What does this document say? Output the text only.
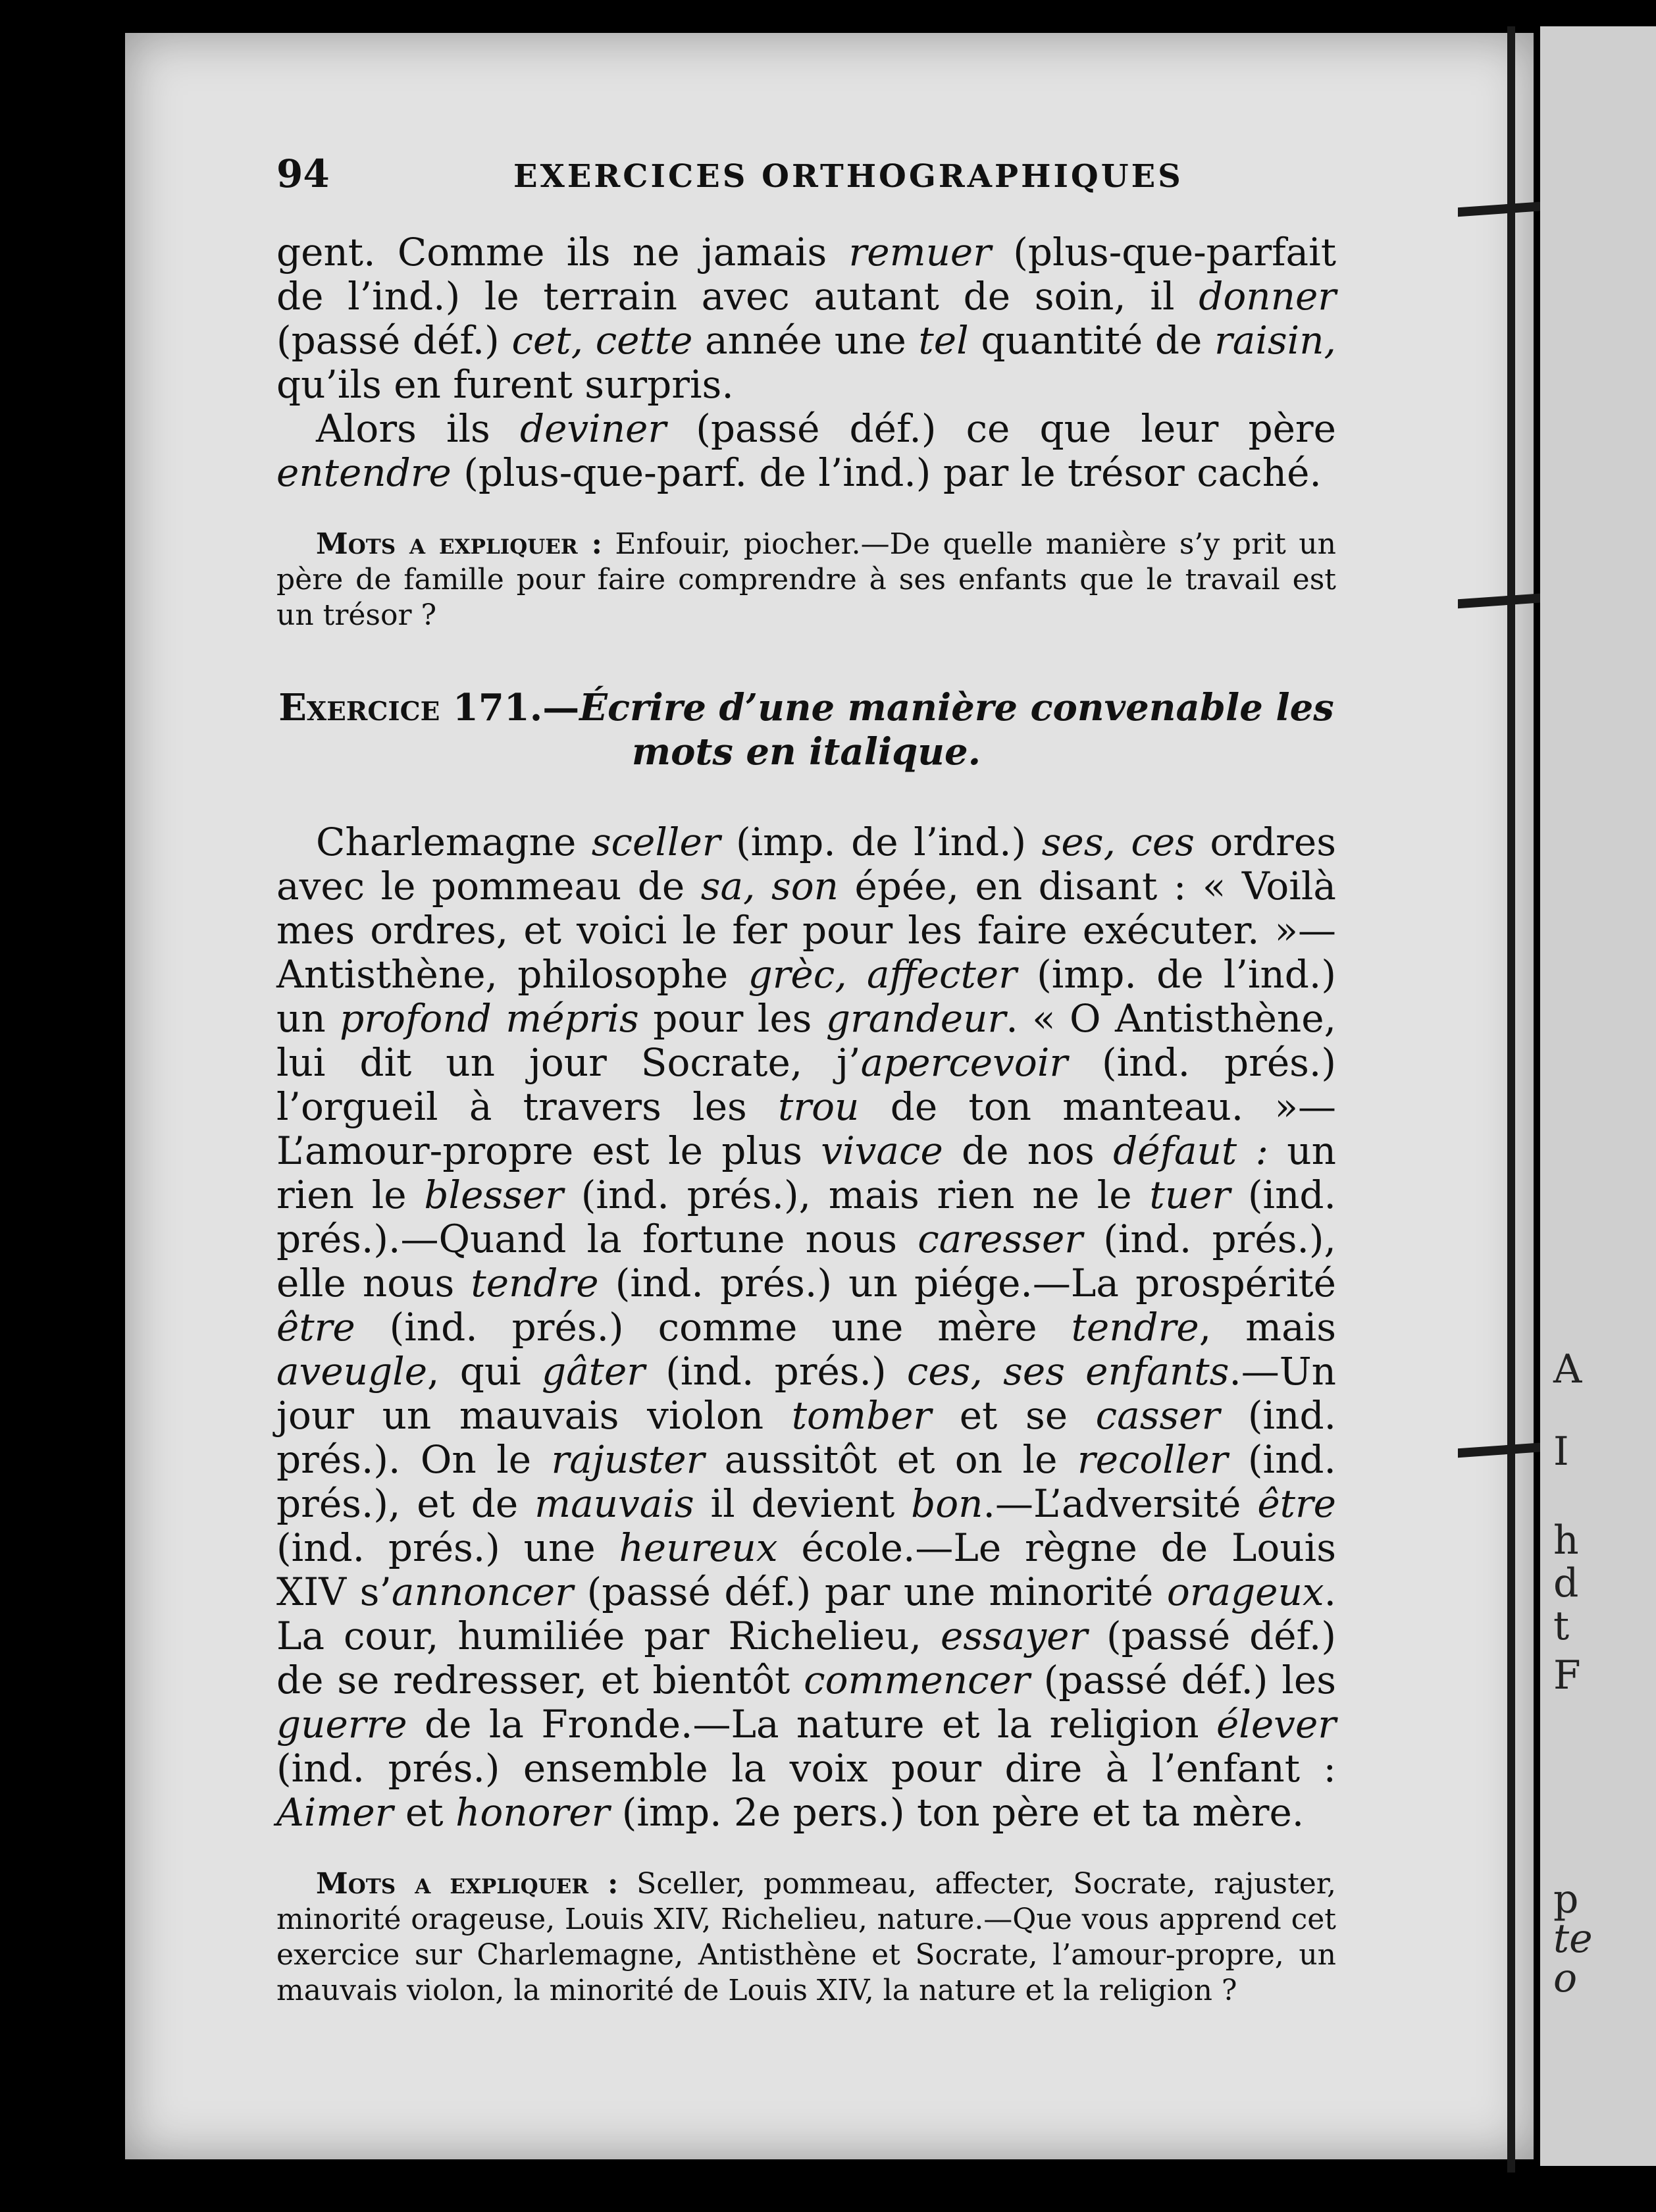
A
I
h
d
t
F
p
te
o
94	EXERCICES ORTHOGRAPHIQUES

gent. Comme ils ne jamais remuer (plus-que-parfait de l’ind.) le terrain avec autant de soin, il donner (passé déf.) cet, cette année une tel quantité de raisin, qu’ils en furent surpris.

Alors ils deviner (passé déf.) ce que leur père entendre (plus-que-parf. de l’ind.) par le trésor caché.

Mots a expliquer : Enfouir, piocher.—De quelle manière s’y prit un père de famille pour faire comprendre à ses enfants que le travail est un trésor ?

Exercice 171.—Écrire d’une manière convenable les mots en italique.

Charlemagne sceller (imp. de l’ind.) ses, ces ordres avec le pommeau de sa, son épée, en disant : « Voilà mes ordres, et voici le fer pour les faire exécuter. »—Antisthène, philosophe grèc, affecter (imp. de l’ind.) un profond mépris pour les grandeur. « O Antisthène, lui dit un jour Socrate, j’apercevoir (ind. prés.) l’orgueil à travers les trou de ton manteau. »—L’amour-propre est le plus vivace de nos défaut : un rien le blesser (ind. prés.), mais rien ne le tuer (ind. prés.).—Quand la fortune nous caresser (ind. prés.), elle nous tendre (ind. prés.) un piége.—La prospérité être (ind. prés.) comme une mère tendre, mais aveugle, qui gâter (ind. prés.) ces, ses enfants.—Un jour un mauvais violon tomber et se casser (ind. prés.). On le rajuster aussitôt et on le recoller (ind. prés.), et de mauvais il devient bon.—L’adversité être (ind. prés.) une heureux école.—Le règne de Louis XIV s’annoncer (passé déf.) par une minorité orageux. La cour, humiliée par Richelieu, essayer (passé déf.) de se redresser, et bientôt commencer (passé déf.) les guerre de la Fronde.—La nature et la religion élever (ind. prés.) ensemble la voix pour dire à l’enfant : Aimer et honorer (imp. 2e pers.) ton père et ta mère.

Mots a expliquer : Sceller, pommeau, affecter, Socrate, rajuster, minorité orageuse, Louis XIV, Richelieu, nature.—Que vous apprend cet exercice sur Charlemagne, Antisthène et Socrate, l’amour-propre, un mauvais violon, la minorité de Louis XIV, la nature et la religion ?
